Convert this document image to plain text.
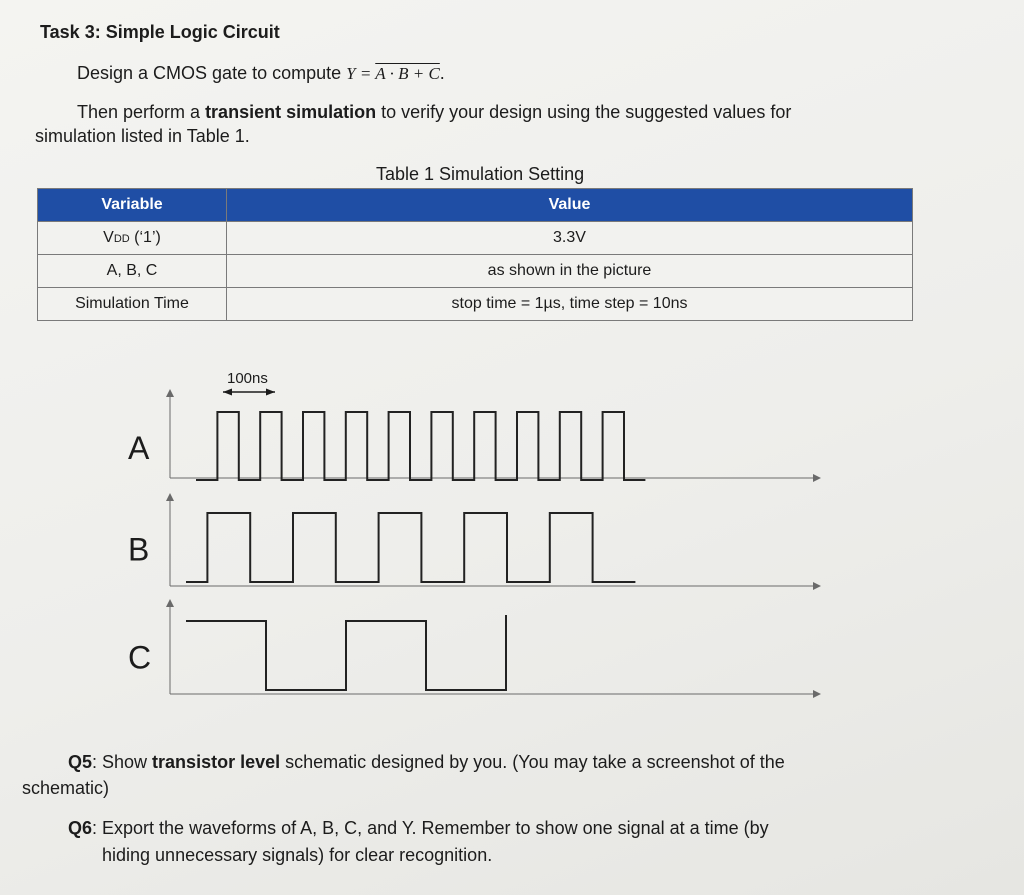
Task 3: Simple Logic Circuit
Design a CMOS gate to compute Y = A · B + C.
Then perform a transient simulation to verify your design using the suggested values for
simulation listed in Table 1.
Table 1 Simulation Setting
Variable	Value
VDD (‘1’)	3.3V
A, B, C	as shown in the picture
Simulation Time	stop time = 1µs, time step = 10ns
100ns
A
B
C
Q5: Show transistor level schematic designed by you. (You may take a screenshot of the
schematic)
Q6: Export the waveforms of A, B, C, and Y. Remember to show one signal at a time (by
hiding unnecessary signals) for clear recognition.
